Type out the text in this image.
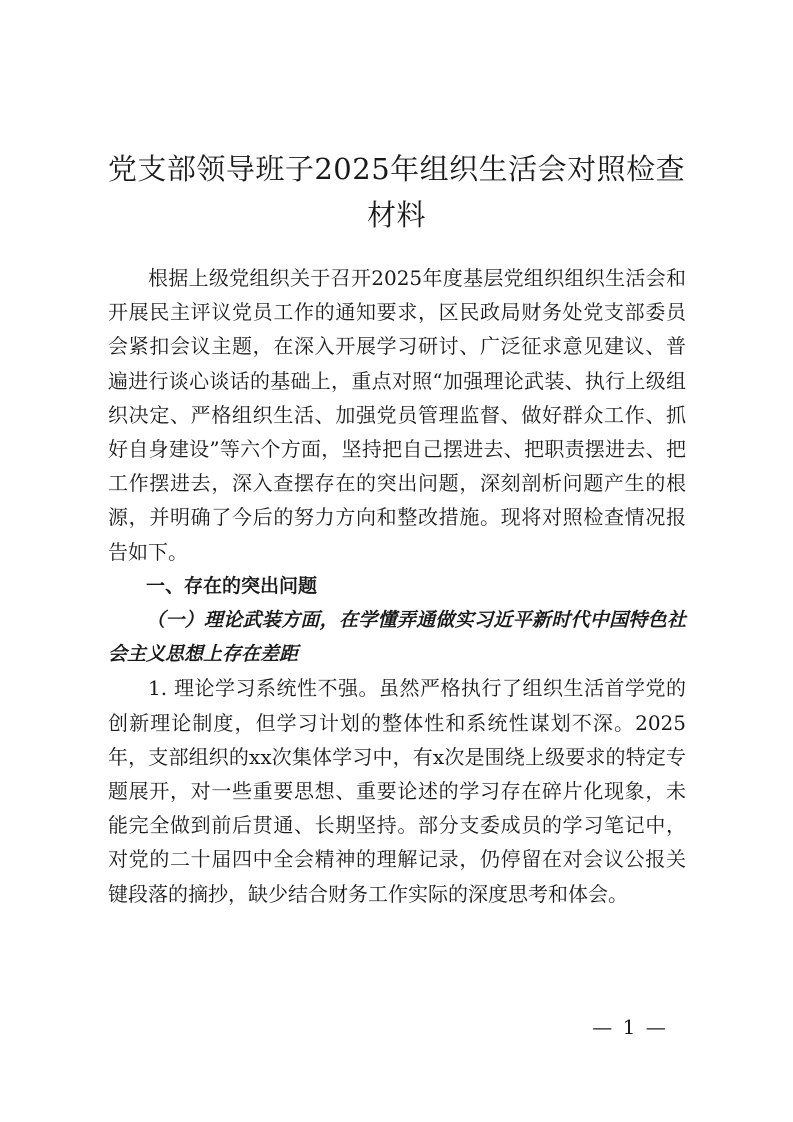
党支部领导班子2025年组织生活会对照检查
材料

根据上级党组织关于召开2025年度基层党组织组织生活会和开展民主评议党员工作的通知要求，区民政局财务处党支部委员会紧扣会议主题，在深入开展学习研讨、广泛征求意见建议、普遍进行谈心谈话的基础上，重点对照“加强理论武装、执行上级组织决定、严格组织生活、加强党员管理监督、做好群众工作、抓好自身建设”等六个方面，坚持把自己摆进去、把职责摆进去、把工作摆进去，深入查摆存在的突出问题，深刻剖析问题产生的根源，并明确了今后的努力方向和整改措施。现将对照检查情况报告如下。

一、存在的突出问题

（一）理论武装方面，在学懂弄通做实习近平新时代中国特色社会主义思想上存在差距

1. 理论学习系统性不强。虽然严格执行了组织生活首学党的创新理论制度，但学习计划的整体性和系统性谋划不深。2025年，支部组织的xx次集体学习中，有x次是围绕上级要求的特定专题展开，对一些重要思想、重要论述的学习存在碎片化现象，未能完全做到前后贯通、长期坚持。部分支委成员的学习笔记中，对党的二十届四中全会精神的理解记录，仍停留在对会议公报关键段落的摘抄，缺少结合财务工作实际的深度思考和体会。

— 1 —
